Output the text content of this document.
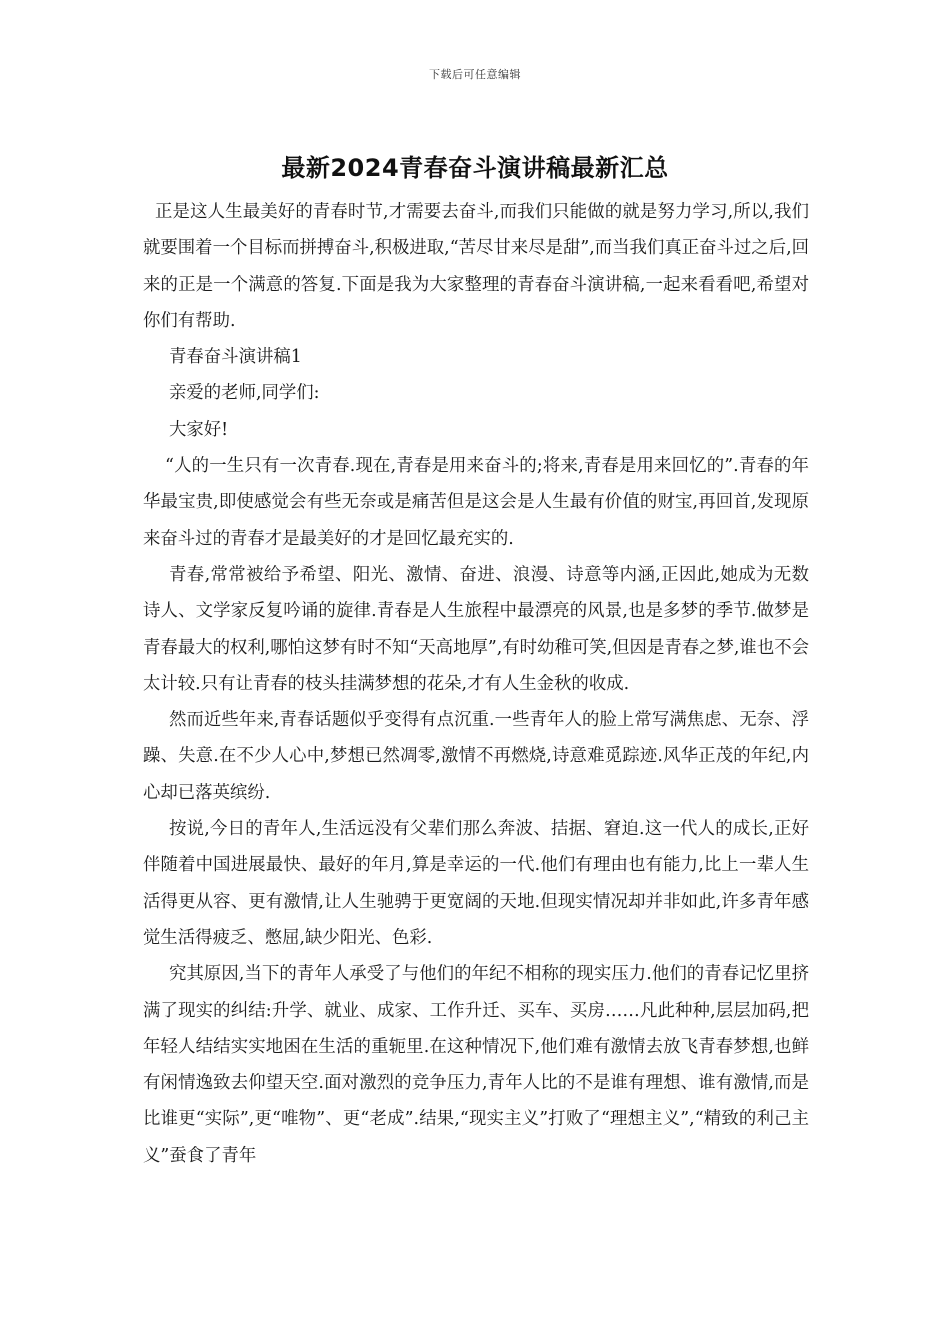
下载后可任意编辑
最新2024青春奋斗演讲稿最新汇总

正是这人生最美好的青春时节,才需要去奋斗,而我们只能做的就是努力学习,所以,我们就要围着一个目标而拼搏奋斗,积极进取,“苦尽甘来尽是甜”,而当我们真正奋斗过之后,回来的正是一个满意的答复.下面是我为大家整理的青春奋斗演讲稿,一起来看看吧,希望对你们有帮助.

青春奋斗演讲稿1

亲爱的老师,同学们:

大家好!

“人的一生只有一次青春.现在,青春是用来奋斗的;将来,青春是用来回忆的”.青春的年华最宝贵,即使感觉会有些无奈或是痛苦但是这会是人生最有价值的财宝,再回首,发现原来奋斗过的青春才是最美好的才是回忆最充实的.

青春,常常被给予希望、阳光、激情、奋进、浪漫、诗意等内涵,正因此,她成为无数诗人、文学家反复吟诵的旋律.青春是人生旅程中最漂亮的风景,也是多梦的季节.做梦是青春最大的权利,哪怕这梦有时不知“天高地厚”,有时幼稚可笑,但因是青春之梦,谁也不会太计较.只有让青春的枝头挂满梦想的花朵,才有人生金秋的收成.

然而近些年来,青春话题似乎变得有点沉重.一些青年人的脸上常写满焦虑、无奈、浮躁、失意.在不少人心中,梦想已然凋零,激情不再燃烧,诗意难觅踪迹.风华正茂的年纪,内心却已落英缤纷.

按说,今日的青年人,生活远没有父辈们那么奔波、拮据、窘迫.这一代人的成长,正好伴随着中国进展最快、最好的年月,算是幸运的一代.他们有理由也有能力,比上一辈人生活得更从容、更有激情,让人生驰骋于更宽阔的天地.但现实情况却并非如此,许多青年感觉生活得疲乏、憋屈,缺少阳光、色彩.

究其原因,当下的青年人承受了与他们的年纪不相称的现实压力.他们的青春记忆里挤满了现实的纠结:升学、就业、成家、工作升迁、买车、买房……凡此种种,层层加码,把年轻人结结实实地困在生活的重轭里.在这种情况下,他们难有激情去放飞青春梦想,也鲜有闲情逸致去仰望天空.面对激烈的竞争压力,青年人比的不是谁有理想、谁有激情,而是比谁更“实际”,更“唯物”、更“老成”.结果,“现实主义”打败了“理想主义”,“精致的利己主义”蚕食了青年
